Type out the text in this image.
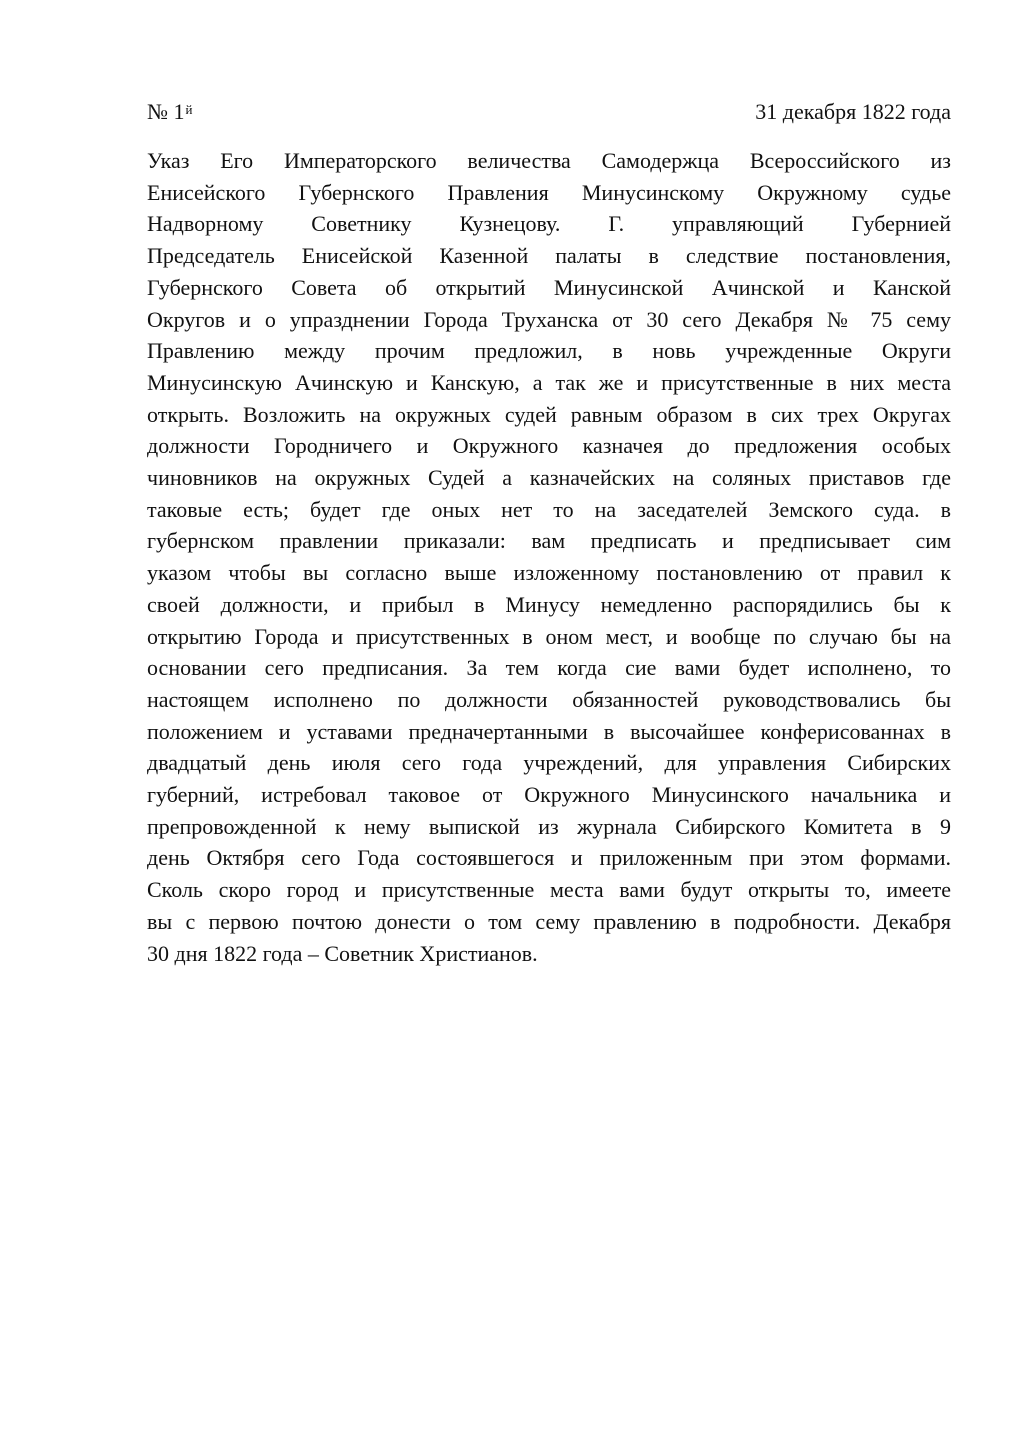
№ $1^й$	31 декабря 1822 года
Указ Его Императорского величества Самодержца Всероссийского из
Енисейского Губернского Правления Минусинскому Окружному судье
Надворному Советнику Кузнецову. Г. управляющий Губернией
Председатель Енисейской Казенной палаты в следствие постановления,
Губернского Совета об открытий Минусинской Ачинской и Канской
Округов и о упразднении Города Труханска от 30 сего Декабря № 75 сему
Правлению между прочим предложил, в новь учрежденные Округи
Минусинскую Ачинскую и Канскую, а так же и присутственные в них места
открыть. Возложить на окружных судей равным образом в сих трех Округах
должности Городничего и Окружного казначея до предложения особых
чиновников на окружных Судей а казначейских на соляных приставов где
таковые есть; будет где оных нет то на заседателей Земского суда. в
губернском правлении приказали: вам предписать и предписывает сим
указом чтобы вы согласно выше изложенному постановлению от правил к
своей должности, и прибыл в Минусу немедленно распорядились бы к
открытию Города и присутственных в оном мест, и вообще по случаю бы на
основании сего предписания. За тем когда сие вами будет исполнено, то
настоящем исполнено по должности обязанностей руководствовались бы
положением и уставами предначертанными в высочайшее конферисованнах в
двадцатый день июля сего года учреждений, для управления Сибирских
губерний, истребовал таковое от Окружного Минусинского начальника и
препровожденной к нему выпиской из журнала Сибирского Комитета в 9
день Октября сего Года состоявшегося и приложенным при этом формами.
Сколь скоро город и присутственные места вами будут открыты то, имеете
вы с первою почтою донести о том сему правлению в подробности. Декабря
30 дня 1822 года – Советник Христианов.
